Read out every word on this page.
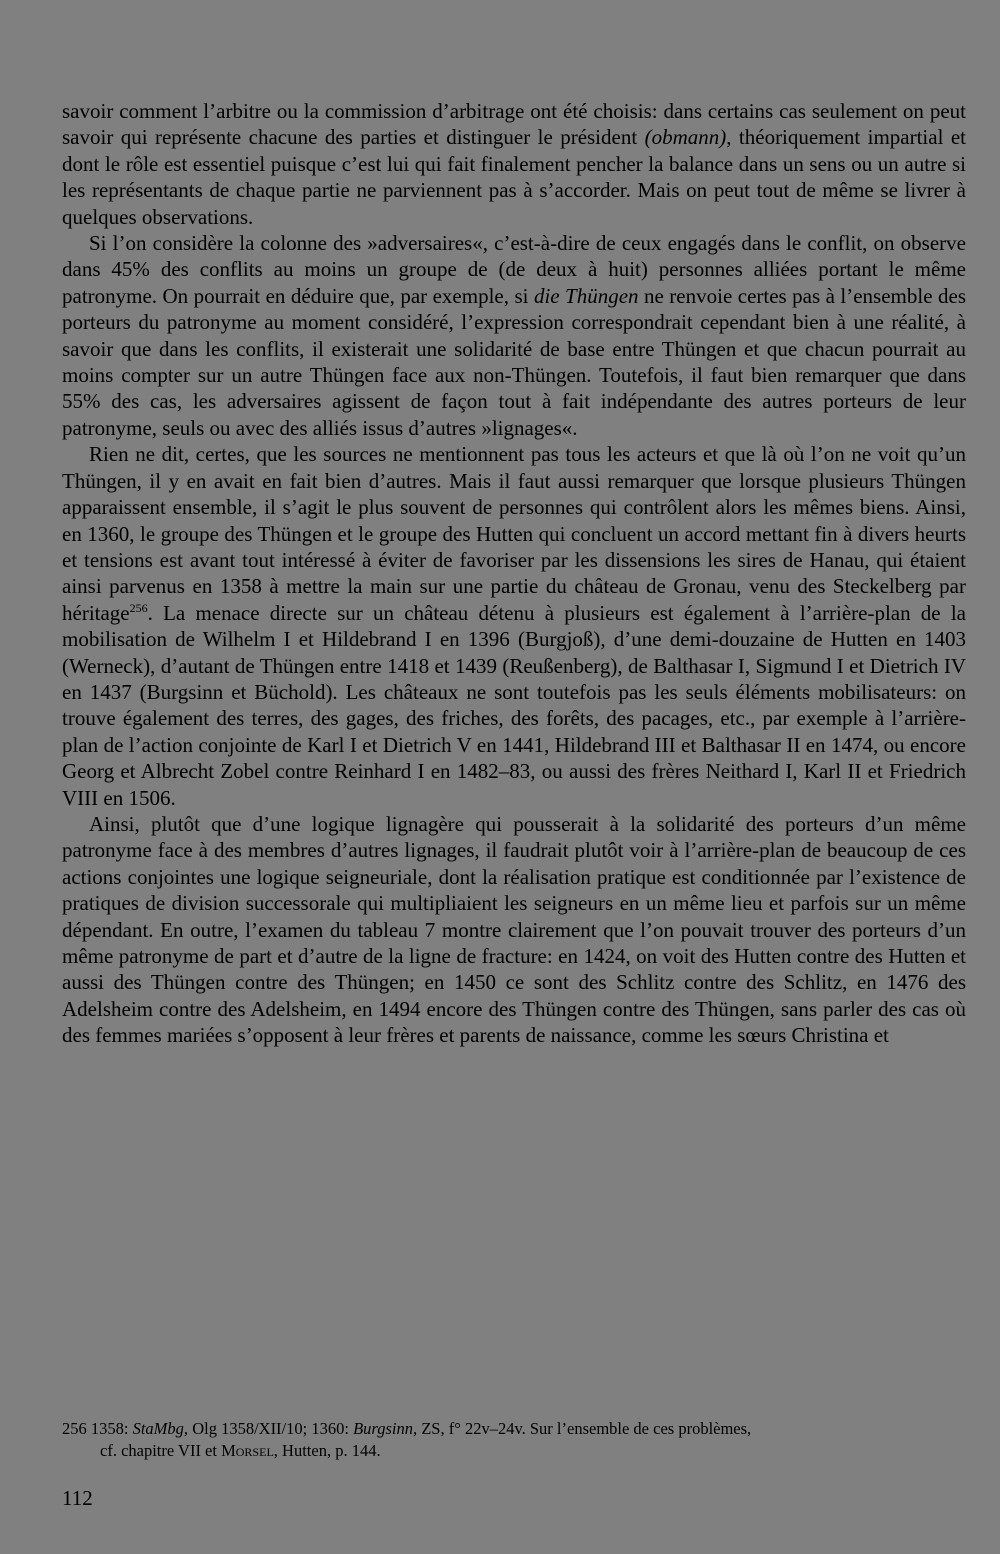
savoir comment l’arbitre ou la commission d’arbitrage ont été choisis: dans certains cas seulement on peut savoir qui représente chacune des parties et distinguer le président (obmann), théoriquement impartial et dont le rôle est essentiel puisque c’est lui qui fait finalement pencher la balance dans un sens ou un autre si les représentants de chaque partie ne parviennent pas à s’accorder. Mais on peut tout de même se livrer à quelques observations.

Si l’on considère la colonne des »adversaires«, c’est-à-dire de ceux engagés dans le conflit, on observe dans 45% des conflits au moins un groupe de (de deux à huit) personnes alliées portant le même patronyme. On pourrait en déduire que, par exemple, si die Thüngen ne renvoie certes pas à l’ensemble des porteurs du patronyme au moment considéré, l’expression correspondrait cependant bien à une réalité, à savoir que dans les conflits, il existerait une solidarité de base entre Thüngen et que chacun pourrait au moins compter sur un autre Thüngen face aux non-Thüngen. Toutefois, il faut bien remarquer que dans 55% des cas, les adversaires agissent de façon tout à fait indépendante des autres porteurs de leur patronyme, seuls ou avec des alliés issus d’autres »lignages«.

Rien ne dit, certes, que les sources ne mentionnent pas tous les acteurs et que là où l’on ne voit qu’un Thüngen, il y en avait en fait bien d’autres. Mais il faut aussi remarquer que lorsque plusieurs Thüngen apparaissent ensemble, il s’agit le plus souvent de personnes qui contrôlent alors les mêmes biens. Ainsi, en 1360, le groupe des Thüngen et le groupe des Hutten qui concluent un accord mettant fin à divers heurts et tensions est avant tout intéressé à éviter de favoriser par les dissensions les sires de Hanau, qui étaient ainsi parvenus en 1358 à mettre la main sur une partie du château de Gronau, venu des Steckelberg par héritage$^{256}$. La menace directe sur un château détenu à plusieurs est également à l’arrière-plan de la mobilisation de Wilhelm I et Hildebrand I en 1396 (Burgjoß), d’une demi-douzaine de Hutten en 1403 (Werneck), d’autant de Thüngen entre 1418 et 1439 (Reußenberg), de Balthasar I, Sigmund I et Dietrich IV en 1437 (Burgsinn et Büchold). Les châteaux ne sont toutefois pas les seuls éléments mobilisateurs: on trouve également des terres, des gages, des friches, des forêts, des pacages, etc., par exemple à l’arrière-plan de l’action conjointe de Karl I et Dietrich V en 1441, Hildebrand III et Balthasar II en 1474, ou encore Georg et Albrecht Zobel contre Reinhard I en 1482–83, ou aussi des frères Neithard I, Karl II et Friedrich VIII en 1506.

Ainsi, plutôt que d’une logique lignagère qui pousserait à la solidarité des porteurs d’un même patronyme face à des membres d’autres lignages, il faudrait plutôt voir à l’arrière-plan de beaucoup de ces actions conjointes une logique seigneuriale, dont la réalisation pratique est conditionnée par l’existence de pratiques de division successorale qui multipliaient les seigneurs en un même lieu et parfois sur un même dépendant. En outre, l’examen du tableau 7 montre clairement que l’on pouvait trouver des porteurs d’un même patronyme de part et d’autre de la ligne de fracture: en 1424, on voit des Hutten contre des Hutten et aussi des Thüngen contre des Thüngen; en 1450 ce sont des Schlitz contre des Schlitz, en 1476 des Adelsheim contre des Adelsheim, en 1494 encore des Thüngen contre des Thüngen, sans parler des cas où des femmes mariées s’opposent à leur frères et parents de naissance, comme les sœurs Christina et

256 1358: StaMbg, Olg 1358/XII/10; 1360: Burgsinn, ZS, f° 22v–24v. Sur l’ensemble de ces problèmes,
cf. chapitre VII et Morsel, Hutten, p. 144.
112
